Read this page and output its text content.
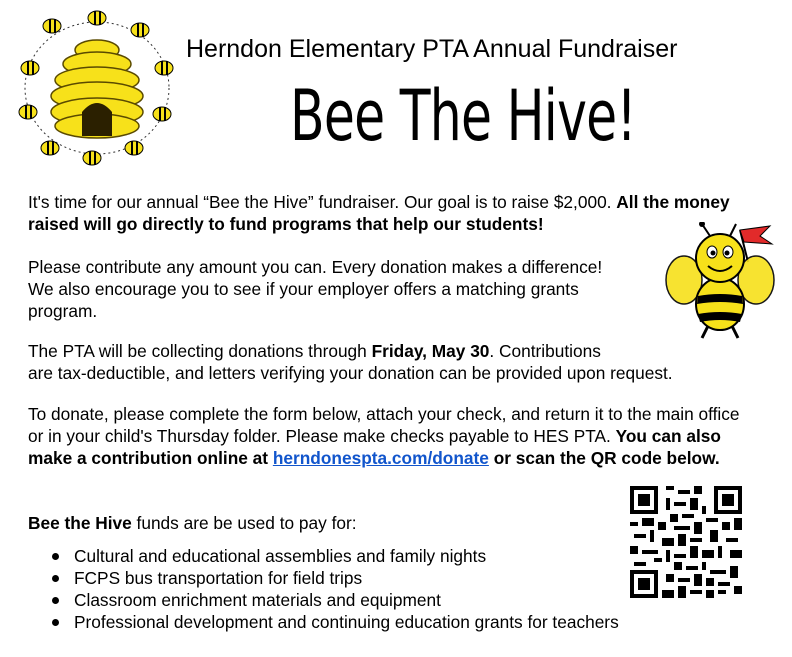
Herndon Elementary PTA Annual Fundraiser
Bee The Hive!
It's time for our annual “Bee the Hive” fundraiser. Our goal is to raise $2,000. All the money raised will go directly to fund programs that help our students!
Please contribute any amount you can. Every donation makes a difference!
We also encourage you to see if your employer offers a matching grants
program.
The PTA will be collecting donations through Friday, May 30. Contributions
are tax-deductible, and letters verifying your donation can be provided upon request.
To donate, please complete the form below, attach your check, and return it to the main office or in your child's Thursday folder. Please make checks payable to HES PTA. You can also make a contribution online at herndonespta.com/donate or scan the QR code below.
Bee the Hive funds are be used to pay for:
Cultural and educational assemblies and family nights
FCPS bus transportation for field trips
Classroom enrichment materials and equipment
Professional development and continuing education grants for teachers
